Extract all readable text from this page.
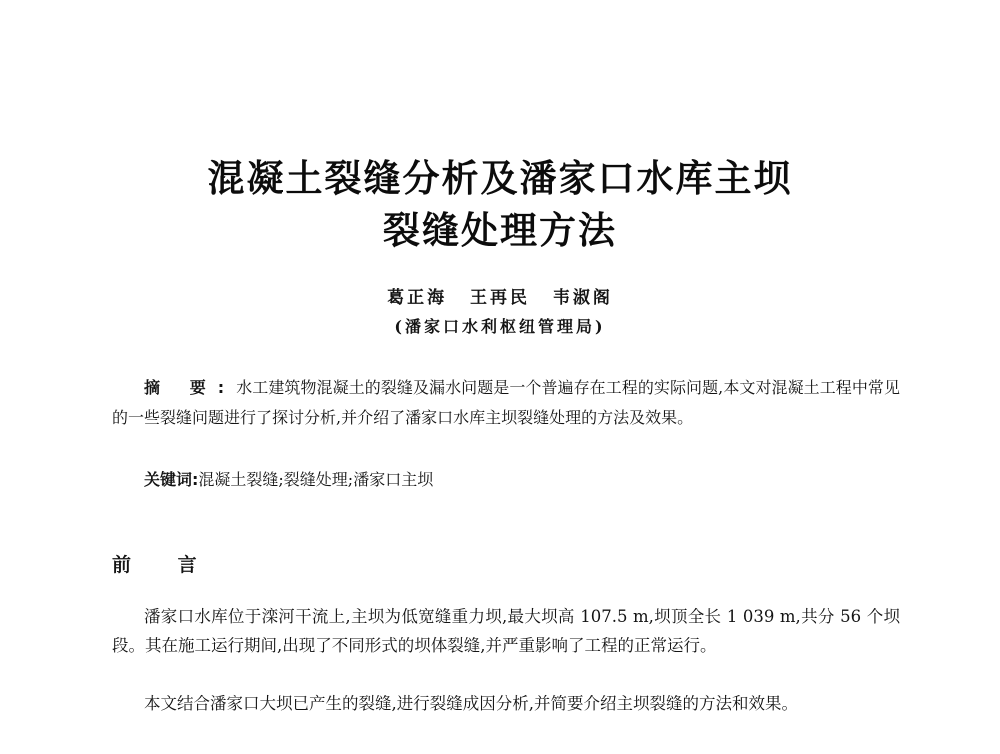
混凝土裂缝分析及潘家口水库主坝
裂缝处理方法
葛正海 王再民 韦淑阁
(潘家口水利枢纽管理局)

摘 要:水工建筑物混凝土的裂缝及漏水问题是一个普遍存在工程的实际问题,本文对混凝土工程中常见的一些裂缝问题进行了探讨分析,并介绍了潘家口水库主坝裂缝处理的方法及效果。

关键词:混凝土裂缝;裂缝处理;潘家口主坝

前 言

潘家口水库位于滦河干流上,主坝为低宽缝重力坝,最大坝高 107.5 m,坝顶全长 1 039 m,共分 56 个坝段。其在施工运行期间,出现了不同形式的坝体裂缝,并严重影响了工程的正常运行。

本文结合潘家口大坝已产生的裂缝,进行裂缝成因分析,并简要介绍主坝裂缝的方法和效果。
